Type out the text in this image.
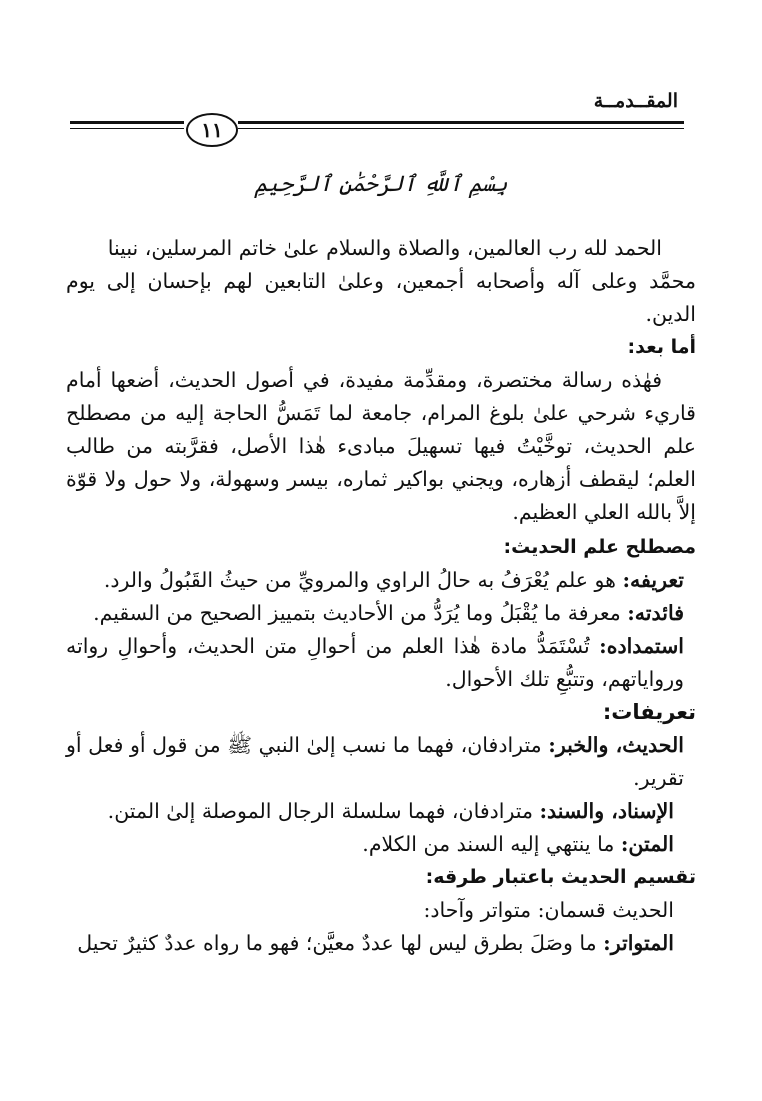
المقــدمــة
١١
بِسْمِ ٱللَّهِ ٱلرَّحْمَٰنِ ٱلرَّحِيمِ

الحمد لله رب العالمين، والصلاة والسلام علىٰ خاتم المرسلين، نبينا

محمَّد وعلى آله وأصحابه أجمعين، وعلىٰ التابعين لهم بإحسان إلى يوم الدين.

أما بعد:

فهٰذه رسالة مختصرة، ومقدِّمة مفيدة، في أصول الحديث، أضعها أمام قاريء شرحي علىٰ بلوغ المرام، جامعة لما تَمَسُّ الحاجة إليه من مصطلح علم الحديث، توخَّيْتُ فيها تسهيلَ مبادىء هٰذا الأصل، فقرَّبته من طالب العلم؛ ليقطف أزهاره، ويجني بواكير ثماره، بيسر وسهولة، ولا حول ولا قوّة إلاَّ بالله العلي العظيم.

مصطلح علم الحديث:

تعريفه: هو علم يُعْرَفُ به حالُ الراوي والمرويِّ من حيثُ القَبُولُ والرد.

فائدته: معرفة ما يُقْبَلُ وما يُرَدُّ من الأحاديث بتمييز الصحيح من السقيم.

استمداده: تُسْتَمَدُّ مادة هٰذا العلم من أحوالِ متن الحديث، وأحوالِ رواته ورواياتهم، وتتبُّعِ تلك الأحوال.

تعريفات:

الحديث، والخبر: مترادفان، فهما ما نسب إلىٰ النبي ﷺ من قول أو فعل أو تقرير.

الإسناد، والسند: مترادفان، فهما سلسلة الرجال الموصلة إلىٰ المتن.

المتن: ما ينتهي إليه السند من الكلام.

تقسيم الحديث باعتبار طرقه:

الحديث قسمان: متواتر وآحاد:

المتواتر: ما وصَلَ بطرق ليس لها عددٌ معيَّن؛ فهو ما رواه عددٌ كثيرٌ تحيل
